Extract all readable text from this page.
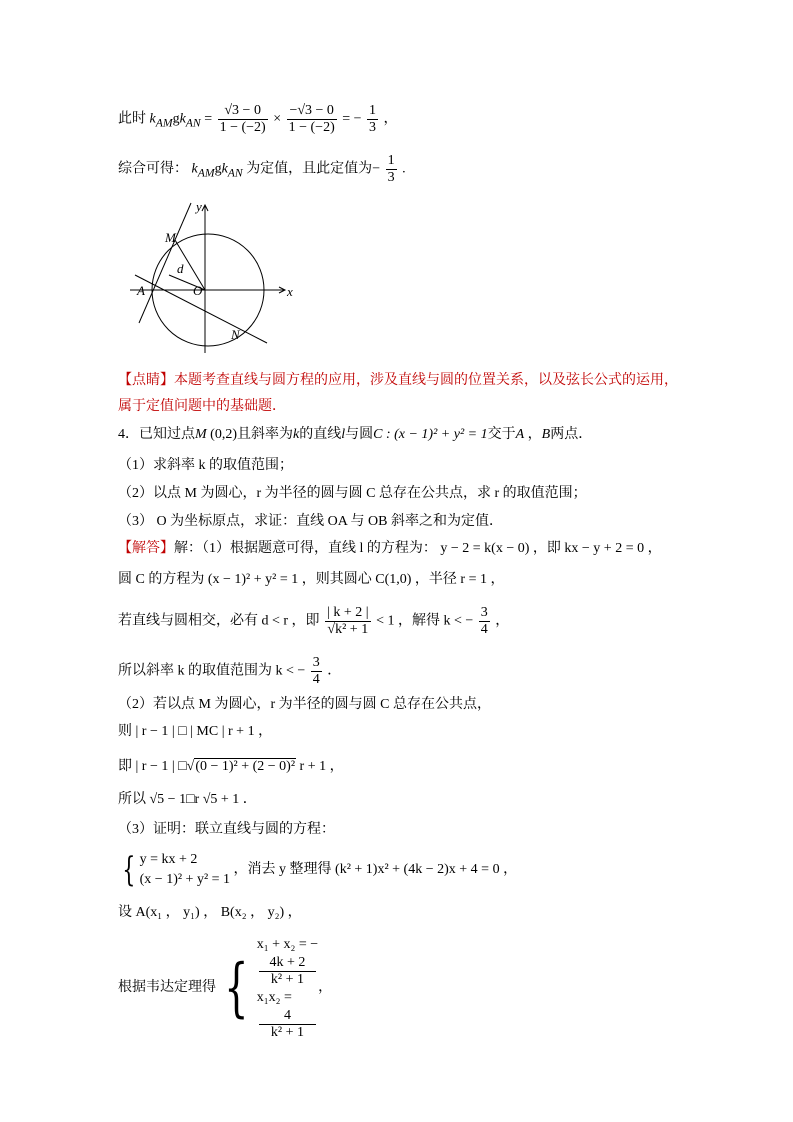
此时 $k_{AM}gk_{AN} = \frac{√3 - 0}{1 - (-2)} \times \frac{-√3 - 0}{1 - (-2)}$ = − $\frac{1}{3}$ ，
综合可得： $k_{AM}gk_{AN}$ 为定值，且此定值为− $\frac{1}{3}$ .
y
x
M
d
A	O
N
【点睛】本题考查直线与圆方程的应用，涉及直线与圆的位置关系，以及弦长公式的运用，
属于定值问题中的基础题．
4．已知过点M (0,2)且斜率为k的直线l与圆C : (x − 1)² + y² = 1交于A ，B两点．
（1）求斜率 k 的取值范围；
（2）以点 M 为圆心，r 为半径的圆与圆 C 总存在公共点，求 r 的取值范围；
（3） O 为坐标原点，求证：直线 OA 与 OB 斜率之和为定值．
【解答】解：（1）根据题意可得，直线 l 的方程为： y − 2 = k(x − 0) ，即 kx − y + 2 = 0 ，
圆 C 的方程为 (x − 1)² + y² = 1 ，则其圆心 C(1,0) ，半径 r = 1 ，
若直线与圆相交，必有 d < r ，即 $\frac{| k + 2 |}{\text{√k² + 1}} < 1$ ，解得 k < − $\frac{3}{4}$ ，
所以斜率 k 的取值范围为 k < − $\frac{3}{4}$ ．
（2）若以点 M 为圆心，r 为半径的圆与圆 C 总存在公共点，
则 | r − 1 | □ | MC | r + 1 ，
即 | r − 1 | □√(0 − 1)² + (2 − 0)² r + 1 ，
所以 √5 − 1□r √5 + 1 ．
（3）证明：联立直线与圆的方程：
{ y = kx + 2
(x − 1)² + y² = 1
，消去 y 整理得 (k² + 1)x² + (4k − 2)x + 4 = 0 ，
设 A(x₁ ， y₁) ， B(x₂ ， y₂) ，
根据韦达定理得 {
x₁ + x₂ = −
4k + 2
k² + 1
x₁x₂ =
4
k² + 1
，
